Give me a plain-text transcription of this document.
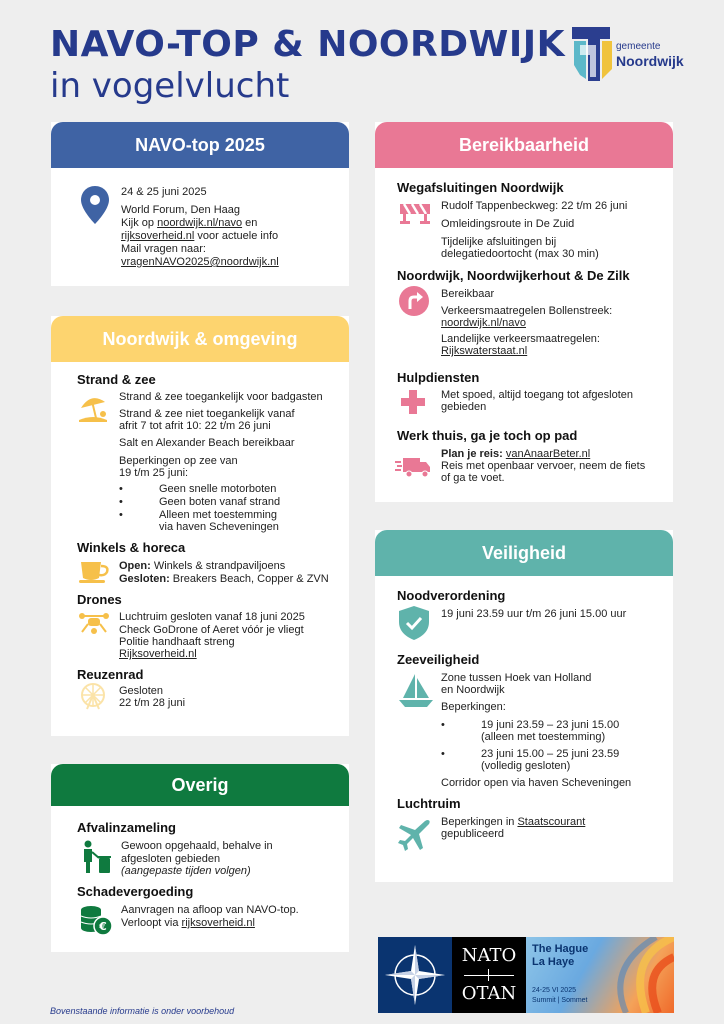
NAVO-TOP & NOORDWIJK
in vogelvlucht
gemeente
Noordwijk
NAVO-top 2025
24 & 25 juni 2025
World Forum, Den Haag
Kijk op noordwijk.nl/navo en
rijksoverheid.nl voor actuele info
Mail vragen naar:
vragenNAVO2025@noordwijk.nl
Noordwijk & omgeving
Strand & zee
Strand & zee toegankelijk voor badgasten
Strand & zee niet toegankelijk vanaf
afrit 7 tot afrit 10: 22 t/m 26 juni
Salt en Alexander Beach bereikbaar
Beperkingen op zee van
19 t/m 25 juni:
•	Geen snelle motorboten
•	Geen boten vanaf strand
•	Alleen met toestemming
via haven Scheveningen
Winkels & horeca
Open: Winkels & strandpaviljoens
Gesloten: Breakers Beach, Copper & ZVN
Drones
Luchtruim gesloten vanaf 18 juni 2025
Check GoDrone of Aeret vóór je vliegt
Politie handhaaft streng
Rijksoverheid.nl
Reuzenrad
Gesloten
22 t/m 28 juni
Overig
Afvalinzameling
Gewoon opgehaald, behalve in
afgesloten gebieden
(aangepaste tijden volgen)
Schadevergoeding
€
Aanvragen na afloop van NAVO-top.
Verloopt via rijksoverheid.nl
Bereikbaarheid
Wegafsluitingen Noordwijk
Rudolf Tappenbeckweg: 22 t/m 26 juni
Omleidingsroute in De Zuid
Tijdelijke afsluitingen bij
delegatiedoortocht (max 30 min)
Noordwijk, Noordwijkerhout & De Zilk
Bereikbaar
Verkeersmaatregelen Bollenstreek:
noordwijk.nl/navo
Landelijke verkeersmaatregelen:
Rijkswaterstaat.nl
Hulpdiensten
Met spoed, altijd toegang tot afgesloten
gebieden
Werk thuis, ga je toch op pad
Plan je reis: vanAnaarBeter.nl
Reis met openbaar vervoer, neem de fiets
of ga te voet.
Veiligheid
Noodverordening
19 juni 23.59 uur t/m 26 juni 15.00 uur
Zeeveiligheid
Zone tussen Hoek van Holland
en Noordwijk
Beperkingen:
•	19 juni 23.59 – 23 juni 15.00
(alleen met toestemming)
•	23 juni 15.00 – 25 juni 23.59
(volledig gesloten)
Corridor open via haven Scheveningen
Luchtruim
Beperkingen in Staatscourant
gepubliceerd
NATO
OTAN
The Hague
La Haye
24-25 VI 2025
Summit | Sommet
Bovenstaande informatie is onder voorbehoud
